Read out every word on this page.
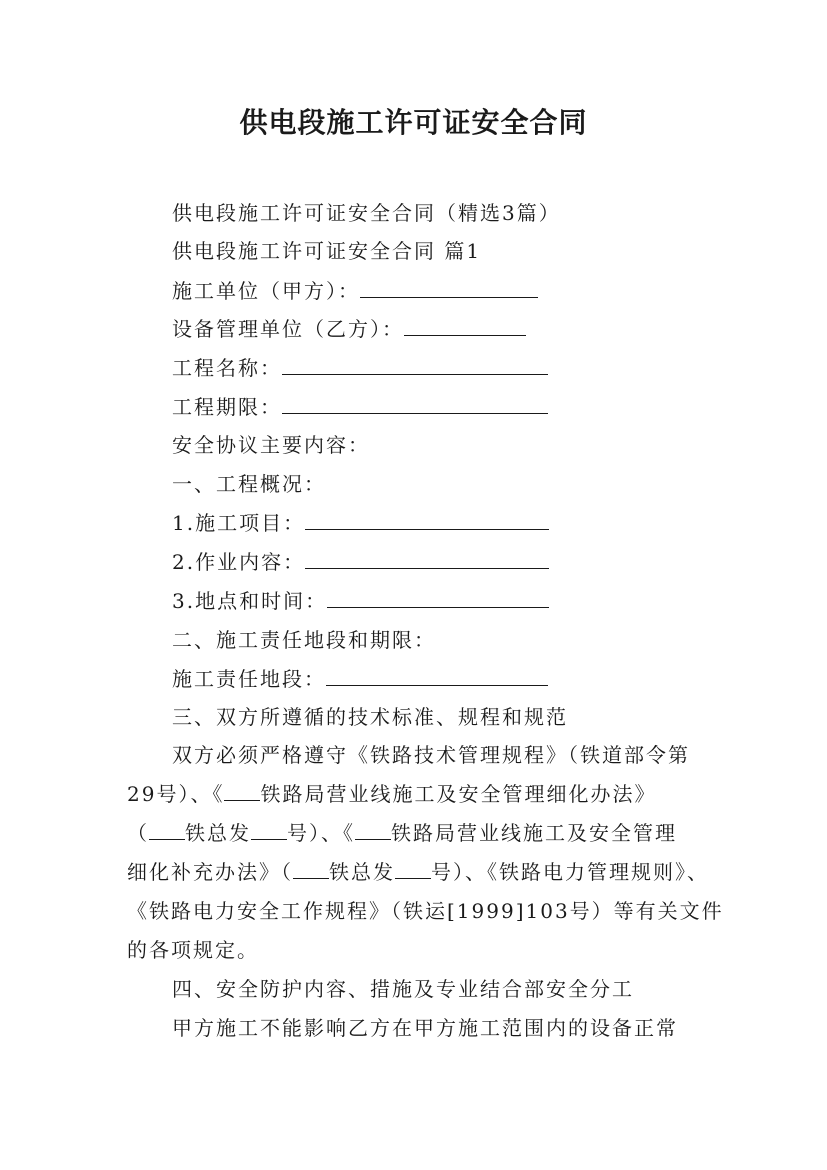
供电段施工许可证安全合同
供电段施工许可证安全合同（精选3篇）
供电段施工许可证安全合同 篇1
施工单位（甲方）：
设备管理单位（乙方）：
工程名称：
工程期限：
安全协议主要内容：
一、工程概况：
1.施工项目：
2.作业内容：
3.地点和时间：
二、施工责任地段和期限：
施工责任地段：
三、双方所遵循的技术标准、规程和规范
双方必须严格遵守《铁路技术管理规程》（铁道部令第
29号）、《 铁路局营业线施工及安全管理细化办法》
（ 铁总发 号）、《 铁路局营业线施工及安全管理
细化补充办法》（ 铁总发 号）、《铁路电力管理规则》、
《铁路电力安全工作规程》（铁运[1999]103号）等有关文件
的各项规定。
四、安全防护内容、措施及专业结合部安全分工
甲方施工不能影响乙方在甲方施工范围内的设备正常
